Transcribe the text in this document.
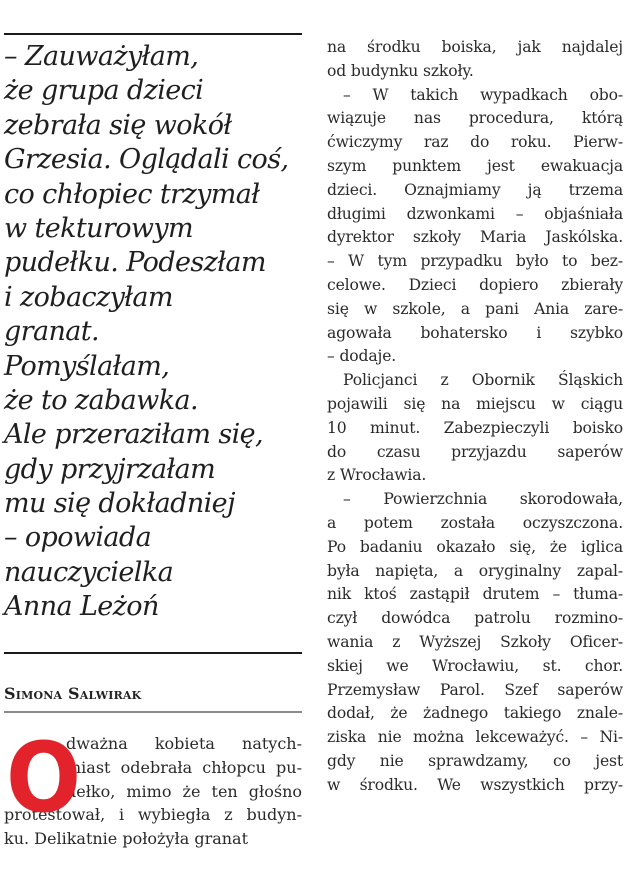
– Zauważyłam,
że grupa dzieci
zebrała się wokół
Grzesia. Oglądali coś,
co chłopiec trzymał
w tekturowym
pudełku. Podeszłam
i zobaczyłam
granat.
Pomyślałam,
że to zabawka.
Ale przeraziłam się,
gdy przyjrzałam
mu się dokładniej
– opowiada
nauczycielka
Anna Leżoń
Simona Salwirak
O
dważna kobieta natych-
miast odebrała chłopcu pu-
dełko, mimo że ten głośno
protestował, i wybiegła z budyn-
ku. Delikatnie położyła granat
na środku boiska, jak najdalej
od budynku szkoły.
– W takich wypadkach obo-
wiązuje nas procedura, którą
ćwiczymy raz do roku. Pierw-
szym punktem jest ewakuacja
dzieci. Oznajmiamy ją trzema
długimi dzwonkami – objaśniała
dyrektor szkoły Maria Jaskólska.
– W tym przypadku było to bez-
celowe. Dzieci dopiero zbierały
się w szkole, a pani Ania zare-
agowała bohatersko i szybko
– dodaje.
Policjanci z Obornik Śląskich
pojawili się na miejscu w ciągu
10 minut. Zabezpieczyli boisko
do czasu przyjazdu saperów
z Wrocławia.
– Powierzchnia skorodowała,
a potem została oczyszczona.
Po badaniu okazało się, że iglica
była napięta, a oryginalny zapal-
nik ktoś zastąpił drutem – tłuma-
czył dowódca patrolu rozmino-
wania z Wyższej Szkoły Oficer-
skiej we Wrocławiu, st. chor.
Przemysław Parol. Szef saperów
dodał, że żadnego takiego znale-
ziska nie można lekceważyć. – Ni-
gdy nie sprawdzamy, co jest
w środku. We wszystkich przy-
